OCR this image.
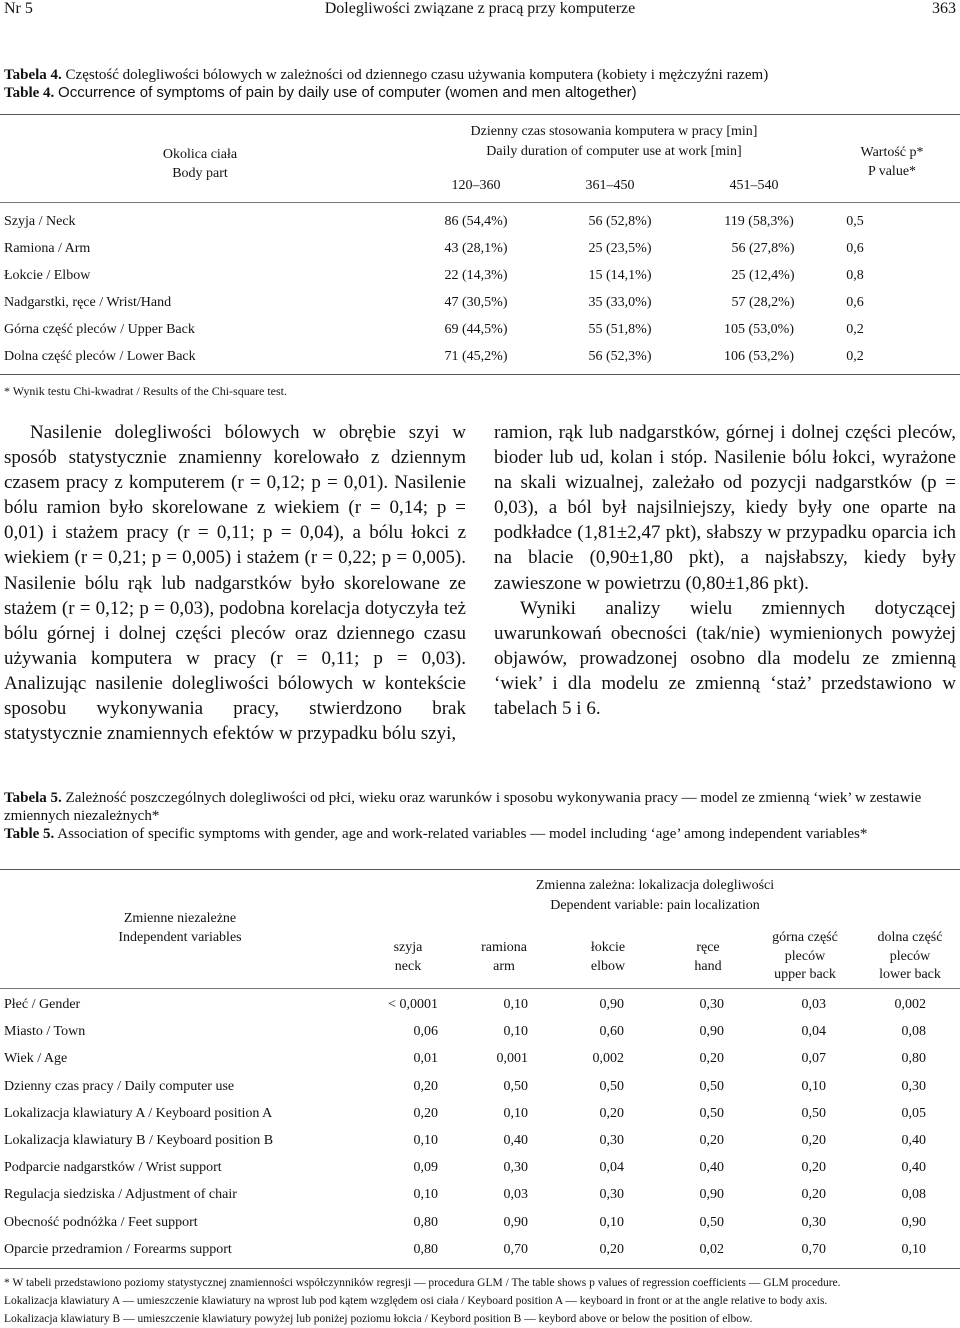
Nr 5	Dolegliwości związane z pracą przy komputerze	363
Tabela 4. Częstość dolegliwości bólowych w zależności od dziennego czasu używania komputera (kobiety i mężczyźni razem)
Table 4. Occurrence of symptoms of pain by daily use of computer (women and men altogether)
Okolica ciała
Body part
Dzienny czas stosowania komputera w pracy [min]
Daily duration of computer use at work [min]	Wartość p*
P value*
120–360	361–450	451–540
Szyja / Neck	86 (54,4%)	56 (52,8%)	119 (58,3%)	0,5
Ramiona / Arm	43 (28,1%)	25 (23,5%)	56 (27,8%)	0,6
Łokcie / Elbow	22 (14,3%)	15 (14,1%)	25 (12,4%)	0,8
Nadgarstki, ręce / Wrist/Hand	47 (30,5%)	35 (33,0%)	57 (28,2%)	0,6
Górna część pleców / Upper Back	69 (44,5%)	55 (51,8%)	105 (53,0%)	0,2
Dolna część pleców / Lower Back	71 (45,2%)	56 (52,3%)	106 (53,2%)	0,2
* Wynik testu Chi-kwadrat / Results of the Chi-square test.

Nasilenie dolegliwości bólowych w obrębie szyi w sposób statystycznie znamienny korelowało z dziennym czasem pracy z komputerem (r = 0,12; p = 0,01). Nasilenie bólu ramion było skorelowane z wiekiem (r = 0,14; p = 0,01) i stażem pracy (r = 0,11; p = 0,04), a bólu łokci z wiekiem (r = 0,21; p = 0,005) i stażem (r = 0,22; p = 0,005). Nasilenie bólu rąk lub nadgarstków było skorelowane ze stażem (r = 0,12; p = 0,03), podobna korelacja dotyczyła też bólu górnej i dolnej części pleców oraz dziennego czasu używania komputera w pracy (r = 0,11; p = 0,03). Analizując nasilenie dolegliwości bólowych w kontekście sposobu wykonywania pracy, stwierdzono brak statystycznie znamiennych efektów w przypadku bólu szyi,

Tabela 5. Zależność poszczególnych dolegliwości od płci, wieku oraz warunków i sposobu wykonywania pracy — model ze zmienną ‘wiek’ w zestawie zmiennych niezależnych*
Table 5. Association of specific symptoms with gender, age and work-related variables — model including ‘age’ among independent variables*
Zmienna zależna: lokalizacja dolegliwości
Dependent variable: pain localization
Zmienne niezależne
Independent variables
szyja
neck
ramiona
arm
łokcie
elbow
ręce
hand
górna część pleców
upper back
dolna część pleców
lower back
Płeć / Gender	< 0,0001	0,10	0,90	0,30	0,03	0,002
Miasto / Town	0,06	0,10	0,60	0,90	0,04	0,08
Wiek / Age	0,01	0,001	0,002	0,20	0,07	0,80
Dzienny czas pracy / Daily computer use	0,20	0,50	0,50	0,50	0,10	0,30
Lokalizacja klawiatury A / Keyboard position A	0,20	0,10	0,20	0,50	0,50	0,05
Lokalizacja klawiatury B / Keyboard position B	0,10	0,40	0,30	0,20	0,20	0,40
Podparcie nadgarstków / Wrist support	0,09	0,30	0,04	0,40	0,20	0,40
Regulacja siedziska / Adjustment of chair	0,10	0,03	0,30	0,90	0,20	0,08
Obecność podnóżka / Feet support	0,80	0,90	0,10	0,50	0,30	0,90
Oparcie przedramion / Forearms support	0,80	0,70	0,20	0,02	0,70	0,10
* W tabeli przedstawiono poziomy statystycznej znamienności współczynników regresji — procedura GLM / The table shows p values of regression coefficients — GLM procedure.
Lokalizacja klawiatury A — umieszczenie klawiatury na wprost lub pod kątem względem osi ciała / Keyboard position A — keyboard in front or at the angle relative to body axis.
Lokalizacja klawiatury B — umieszczenie klawiatury powyżej lub poniżej poziomu łokcia / Keybord position B — keybord above or below the position of elbow.

ramion, rąk lub nadgarstków, górnej i dolnej części pleców, bioder lub ud, kolan i stóp. Nasilenie bólu łokci, wyrażone na skali wizualnej, zależało od pozycji nadgarstków (p = 0,03), a ból był najsilniejszy, kiedy były one oparte na podkładce (1,81±2,47 pkt), słabszy w przypadku oparcia ich na blacie (0,90±1,80 pkt), a najsłabszy, kiedy były zawieszone w powietrzu (0,80±1,86 pkt).

Wyniki analizy wielu zmiennych dotyczącej uwarunkowań obecności (tak/nie) wymienionych powyżej objawów, prowadzonej osobno dla modelu ze zmienną ‘wiek’ i dla modelu ze zmienną ‘staż’ przedstawiono w tabelach 5 i 6.
